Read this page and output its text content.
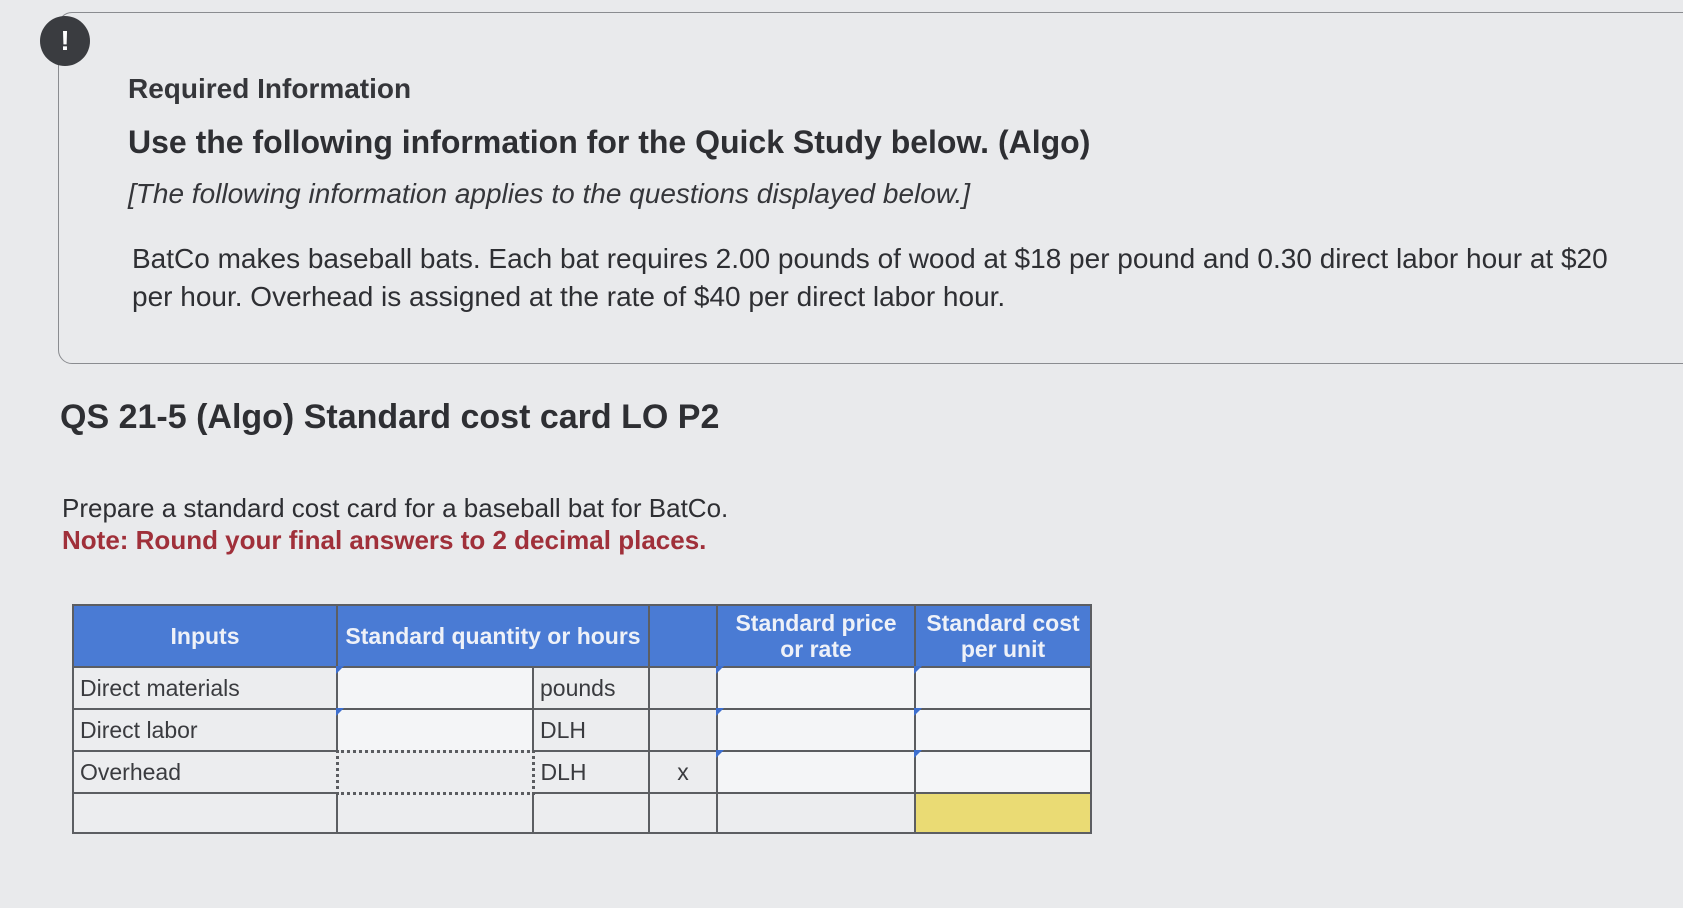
!
Required Information
Use the following information for the Quick Study below. (Algo)
[The following information applies to the questions displayed below.]
BatCo makes baseball bats. Each bat requires 2.00 pounds of wood at $18 per pound and 0.30 direct labor hour at $20 per hour. Overhead is assigned at the rate of $40 per direct labor hour.
QS 21-5 (Algo) Standard cost card LO P2
Prepare a standard cost card for a baseball bat for BatCo.
Note: Round your final answers to 2 decimal places.
Inputs	Standard quantity or hours			Standard price or rate	Standard cost per unit
Direct materials		pounds			
Direct labor		DLH			
Overhead		DLH	x		
